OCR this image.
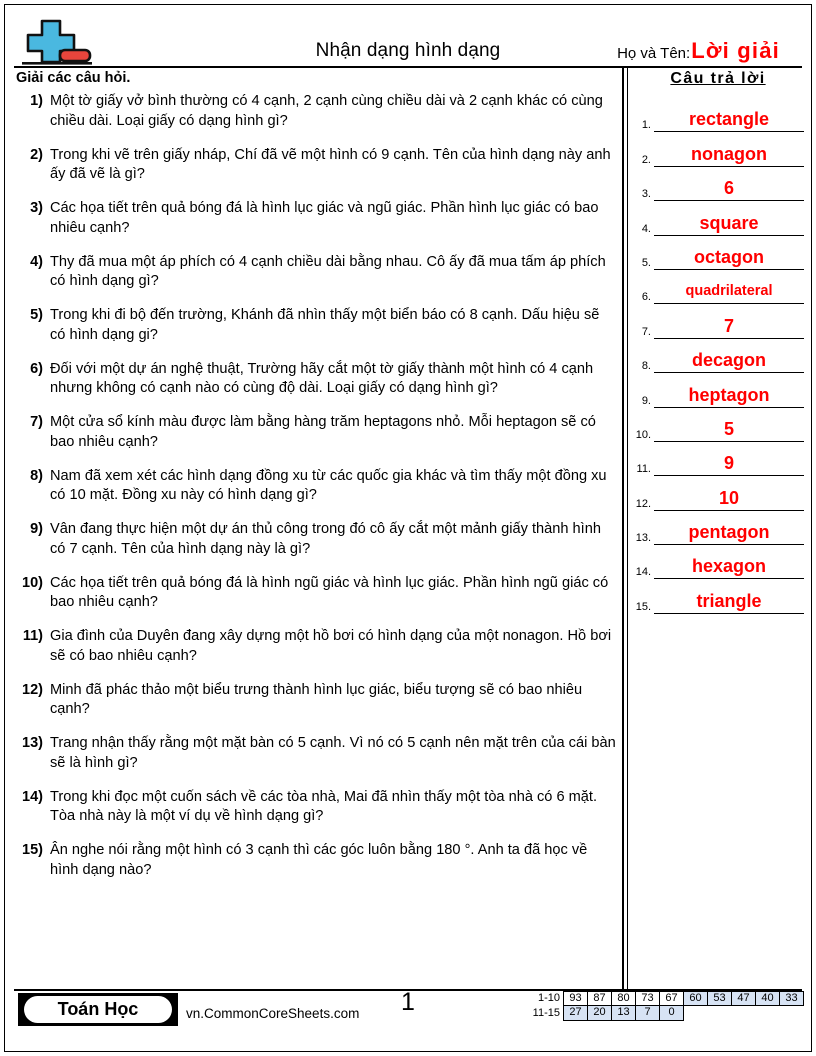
Nhận dạng hình dạng	Họ và Tên: Lời giải
Giải các câu hỏi.
1) Một tờ giấy vở bình thường có 4 cạnh, 2 cạnh cùng chiều dài và 2 cạnh khác có cùng chiều dài. Loại giấy có dạng hình gì?
2) Trong khi vẽ trên giấy nháp, Chí đã vẽ một hình có 9 cạnh. Tên của hình dạng này anh ấy đã vẽ là gì?
3) Các họa tiết trên quả bóng đá là hình lục giác và ngũ giác. Phần hình lục giác có bao nhiêu cạnh?
4) Thy đã mua một áp phích có 4 cạnh chiều dài bằng nhau. Cô ấy đã mua tấm áp phích có hình dạng gì?
5) Trong khi đi bộ đến trường, Khánh đã nhìn thấy một biển báo có 8 cạnh. Dấu hiệu sẽ có hình dạng gi?
6) Đối với một dự án nghệ thuật, Trường hãy cắt một tờ giấy thành một hình có 4 cạnh nhưng không có cạnh nào có cùng độ dài. Loại giấy có dạng hình gì?
7) Một cửa sổ kính màu được làm bằng hàng trăm heptagons nhỏ. Mỗi heptagon sẽ có bao nhiêu cạnh?
8) Nam đã xem xét các hình dạng đồng xu từ các quốc gia khác và tìm thấy một đồng xu có 10 mặt. Đồng xu này có hình dạng gì?
9) Vân đang thực hiện một dự án thủ công trong đó cô ấy cắt một mảnh giấy thành hình có 7 cạnh. Tên của hình dạng này là gì?
10) Các họa tiết trên quả bóng đá là hình ngũ giác và hình lục giác. Phần hình ngũ giác có bao nhiêu cạnh?
11) Gia đình của Duyên đang xây dựng một hồ bơi có hình dạng của một nonagon. Hồ bơi sẽ có bao nhiêu cạnh?
12) Minh đã phác thảo một biểu trưng thành hình lục giác, biểu tượng sẽ có bao nhiêu cạnh?
13) Trang nhận thấy rằng một mặt bàn có 5 cạnh. Vì nó có 5 cạnh nên mặt trên của cái bàn sẽ là hình gì?
14) Trong khi đọc một cuốn sách về các tòa nhà, Mai đã nhìn thấy một tòa nhà có 6 mặt. Tòa nhà này là một ví dụ về hình dạng gì?
15) Ân nghe nói rằng một hình có 3 cạnh thì các góc luôn bằng 180 °. Anh ta đã học về hình dạng nào?
Câu trả lời
1.	rectangle
2.	nonagon
3.	6
4.	square
5.	octagon
6.	quadrilateral
7.	7
8.	decagon
9.	heptagon
10.	5
11.	9
12.	10
13.	pentagon
14.	hexagon
15.	triangle
Toán Học	vn.CommonCoreSheets.com	1	1-10 93	87	80	73	67	60	53	47	40	33
11-15 27	20	13	7	0
